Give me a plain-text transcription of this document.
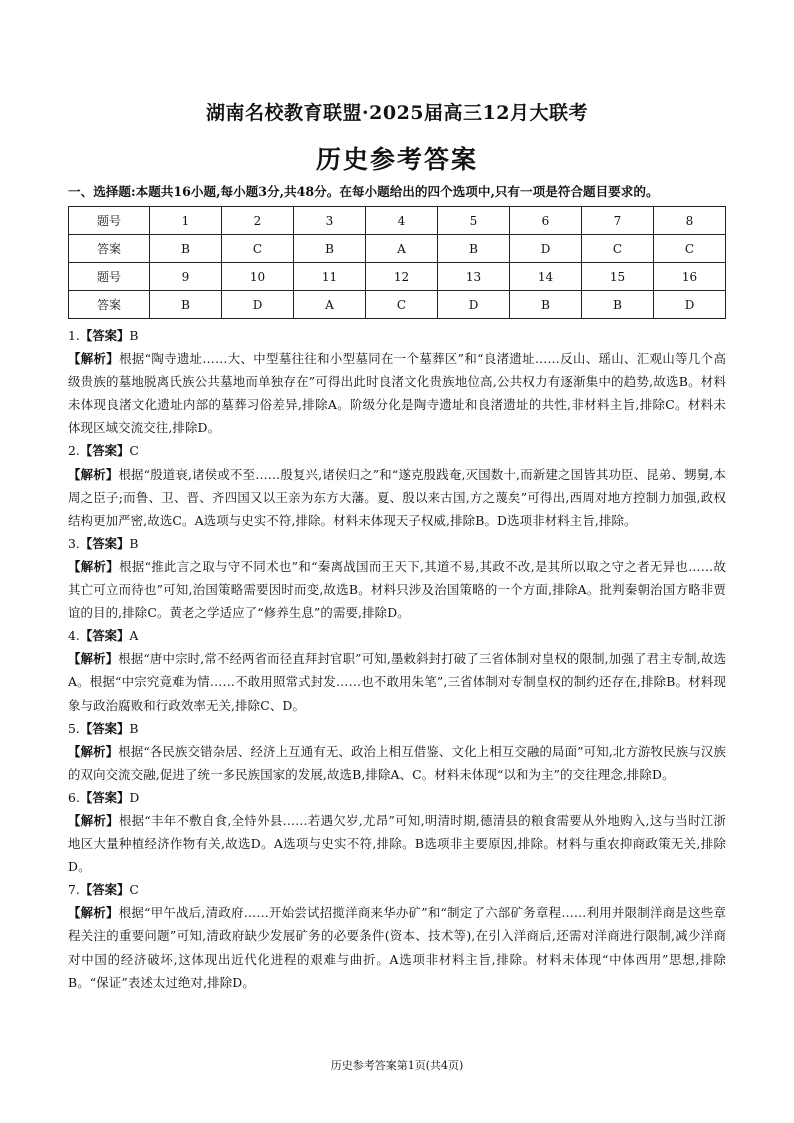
湖南名校教育联盟·2025届高三12月大联考
历史参考答案
一、选择题:本题共16小题,每小题3分,共48分。在每小题给出的四个选项中,只有一项是符合题目要求的。
题号	1	2	3	4	5	6	7	8
答案	B	C	B	A	B	D	C	C
题号	9	10	11	12	13	14	15	16
答案	B	D	A	C	D	B	B	D

1.【答案】B

【解析】根据“陶寺遗址……大、中型墓往往和小型墓同在一个墓葬区”和“良渚遗址……反山、瑶山、汇观山等几个高级贵族的墓地脱离氏族公共墓地而单独存在”可得出此时良渚文化贵族地位高,公共权力有逐渐集中的趋势,故选B。材料未体现良渚文化遗址内部的墓葬习俗差异,排除A。阶级分化是陶寺遗址和良渚遗址的共性,非材料主旨,排除C。材料未体现区域交流交往,排除D。

2.【答案】C

【解析】根据“殷道衰,诸侯或不至……殷复兴,诸侯归之”和“遂克殷践奄,灭国数十,而新建之国皆其功臣、昆弟、甥舅,本周之臣子;而鲁、卫、晋、齐四国又以王亲为东方大藩。夏、殷以来古国,方之蔑矣”可得出,西周对地方控制力加强,政权结构更加严密,故选C。A选项与史实不符,排除。材料未体现天子权威,排除B。D选项非材料主旨,排除。

3.【答案】B

【解析】根据“推此言之取与守不同术也”和“秦离战国而王天下,其道不易,其政不改,是其所以取之守之者无异也……故其亡可立而待也”可知,治国策略需要因时而变,故选B。材料只涉及治国策略的一个方面,排除A。批判秦朝治国方略非贾谊的目的,排除C。黄老之学适应了“修养生息”的需要,排除D。

4.【答案】A

【解析】根据“唐中宗时,常不经两省而径直拜封官职”可知,墨敕斜封打破了三省体制对皇权的限制,加强了君主专制,故选A。根据“中宗究竟难为情……不敢用照常式封发……也不敢用朱笔”,三省体制对专制皇权的制约还存在,排除B。材料现象与政治腐败和行政效率无关,排除C、D。

5.【答案】B

【解析】根据“各民族交错杂居、经济上互通有无、政治上相互借鉴、文化上相互交融的局面”可知,北方游牧民族与汉族的双向交流交融,促进了统一多民族国家的发展,故选B,排除A、C。材料未体现“以和为主”的交往理念,排除D。

6.【答案】D

【解析】根据“丰年不敷自食,全恃外县……若遇欠岁,尤昂”可知,明清时期,德清县的粮食需要从外地购入,这与当时江浙地区大量种植经济作物有关,故选D。A选项与史实不符,排除。B选项非主要原因,排除。材料与重农抑商政策无关,排除D。

7.【答案】C

【解析】根据“甲午战后,清政府……开始尝试招揽洋商来华办矿”和“制定了六部矿务章程……利用并限制洋商是这些章程关注的重要问题”可知,清政府缺少发展矿务的必要条件(资本、技术等),在引入洋商后,还需对洋商进行限制,减少洋商对中国的经济破坏,这体现出近代化进程的艰难与曲折。A选项非材料主旨,排除。材料未体现“中体西用”思想,排除B。“保证”表述太过绝对,排除D。

历史参考答案第1页(共4页)
